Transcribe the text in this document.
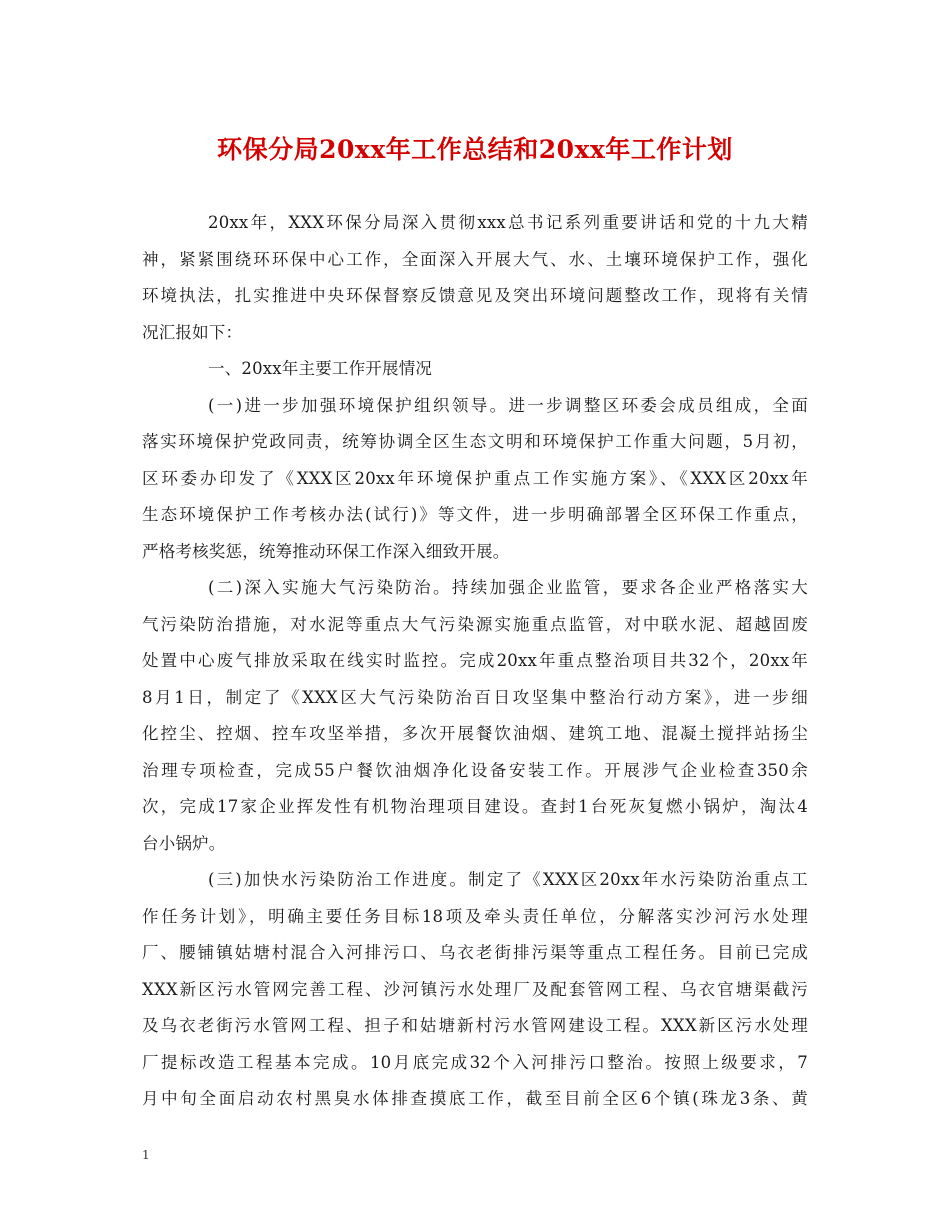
环保分局20xx年工作总结和20xx年工作计划
20xx年，XXX环保分局深入贯彻xxx总书记系列重要讲话和党的十九大精
神，紧紧围绕环环保中心工作，全面深入开展大气、水、土壤环境保护工作，强化
环境执法，扎实推进中央环保督察反馈意见及突出环境问题整改工作，现将有关情
况汇报如下：
一、20xx年主要工作开展情况
(一)进一步加强环境保护组织领导。进一步调整区环委会成员组成，全面
落实环境保护党政同责，统筹协调全区生态文明和环境保护工作重大问题，5月初，
区环委办印发了《XXX区20xx年环境保护重点工作实施方案》、《XXX区20xx年
生态环境保护工作考核办法(试行)》等文件，进一步明确部署全区环保工作重点，
严格考核奖惩，统筹推动环保工作深入细致开展。
(二)深入实施大气污染防治。持续加强企业监管，要求各企业严格落实大
气污染防治措施，对水泥等重点大气污染源实施重点监管，对中联水泥、超越固废
处置中心废气排放采取在线实时监控。完成20xx年重点整治项目共32个，20xx年
8月1日，制定了《XXX区大气污染防治百日攻坚集中整治行动方案》，进一步细
化控尘、控烟、控车攻坚举措，多次开展餐饮油烟、建筑工地、混凝土搅拌站扬尘
治理专项检查，完成55户餐饮油烟净化设备安装工作。开展涉气企业检查350余
次，完成17家企业挥发性有机物治理项目建设。查封1台死灰复燃小锅炉，淘汰4
台小锅炉。
(三)加快水污染防治工作进度。制定了《XXX区20xx年水污染防治重点工
作任务计划》，明确主要任务目标18项及牵头责任单位，分解落实沙河污水处理
厂、腰铺镇姑塘村混合入河排污口、乌衣老街排污渠等重点工程任务。目前已完成
XXX新区污水管网完善工程、沙河镇污水处理厂及配套管网工程、乌衣官塘渠截污
及乌衣老街污水管网工程、担子和姑塘新村污水管网建设工程。XXX新区污水处理
厂提标改造工程基本完成。10月底完成32个入河排污口整治。按照上级要求，7
月中旬全面启动农村黑臭水体排查摸底工作，截至目前全区6个镇(珠龙3条、黄
1
